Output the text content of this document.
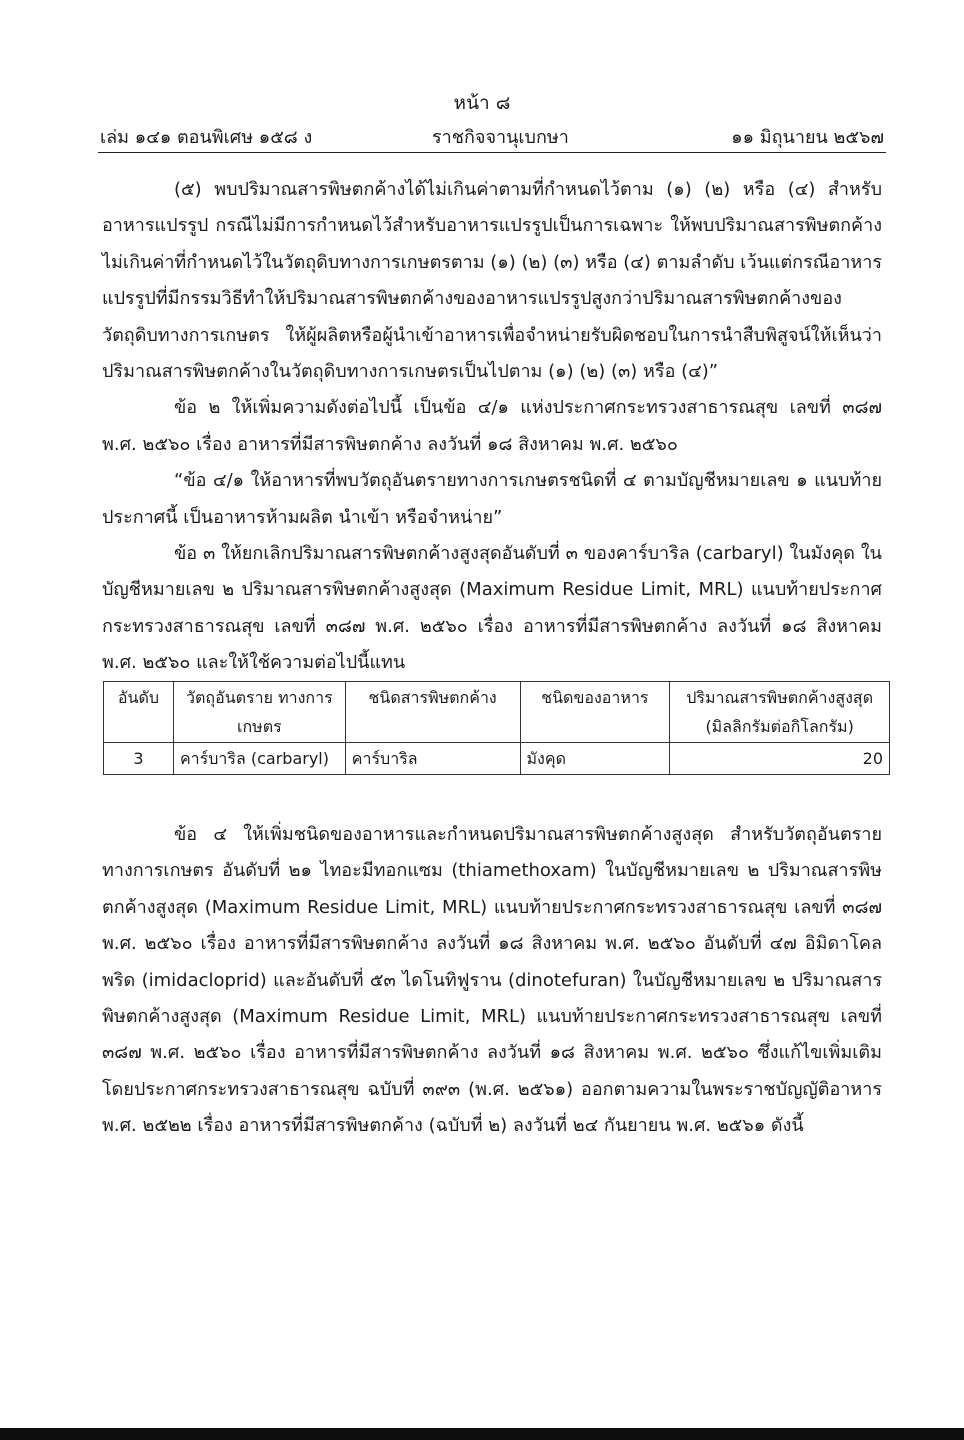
หน้า ๘
เล่ม ๑๔๑ ตอนพิเศษ ๑๕๘ ง	ราชกิจจานุเบกษา	๑๑ มิถุนายน ๒๕๖๗

(๕) พบปริมาณสารพิษตกค้างได้ไม่เกินค่าตามที่กำหนดไว้ตาม (๑) (๒) หรือ (๔) สำหรับอาหารแปรรูป กรณีไม่มีการกำหนดไว้สำหรับอาหารแปรรูปเป็นการเฉพาะ ให้พบปริมาณสารพิษตกค้างไม่เกินค่าที่กำหนดไว้ในวัตถุดิบทางการเกษตรตาม (๑) (๒) (๓) หรือ (๔) ตามลำดับ เว้นแต่กรณีอาหารแปรรูปที่มีกรรมวิธีทำให้ปริมาณสารพิษตกค้างของอาหารแปรรูปสูงกว่าปริมาณสารพิษตกค้างของวัตถุดิบทางการเกษตร ให้ผู้ผลิตหรือผู้นำเข้าอาหารเพื่อจำหน่ายรับผิดชอบในการนำสืบพิสูจน์ให้เห็นว่าปริมาณสารพิษตกค้างในวัตถุดิบทางการเกษตรเป็นไปตาม (๑) (๒) (๓) หรือ (๔)”

ข้อ ๒ ให้เพิ่มความดังต่อไปนี้ เป็นข้อ ๔/๑ แห่งประกาศกระทรวงสาธารณสุข เลขที่ ๓๘๗ พ.ศ. ๒๕๖๐ เรื่อง อาหารที่มีสารพิษตกค้าง ลงวันที่ ๑๘ สิงหาคม พ.ศ. ๒๕๖๐

“ข้อ ๔/๑ ให้อาหารที่พบวัตถุอันตรายทางการเกษตรชนิดที่ ๔ ตามบัญชีหมายเลข ๑ แนบท้ายประกาศนี้ เป็นอาหารห้ามผลิต นำเข้า หรือจำหน่าย”

ข้อ ๓ ให้ยกเลิกปริมาณสารพิษตกค้างสูงสุดอันดับที่ ๓ ของคาร์บาริล (carbaryl) ในมังคุด ในบัญชีหมายเลข ๒ ปริมาณสารพิษตกค้างสูงสุด (Maximum Residue Limit, MRL) แนบท้ายประกาศกระทรวงสาธารณสุข เลขที่ ๓๘๗ พ.ศ. ๒๕๖๐ เรื่อง อาหารที่มีสารพิษตกค้าง ลงวันที่ ๑๘ สิงหาคม พ.ศ. ๒๕๖๐ และให้ใช้ความต่อไปนี้แทน

อันดับ	วัตถุอันตราย ทางการเกษตร	ชนิดสารพิษตกค้าง	ชนิดของอาหาร	ปริมาณสารพิษตกค้างสูงสุด (มิลลิกรัมต่อกิโลกรัม)
3	คาร์บาริล (carbaryl)	คาร์บาริล	มังคุด	20

ข้อ ๔ ให้เพิ่มชนิดของอาหารและกำหนดปริมาณสารพิษตกค้างสูงสุด สำหรับวัตถุอันตรายทางการเกษตร อันดับที่ ๒๑ ไทอะมีทอกแซม (thiamethoxam) ในบัญชีหมายเลข ๒ ปริมาณสารพิษตกค้างสูงสุด (Maximum Residue Limit, MRL) แนบท้ายประกาศกระทรวงสาธารณสุข เลขที่ ๓๘๗ พ.ศ. ๒๕๖๐ เรื่อง อาหารที่มีสารพิษตกค้าง ลงวันที่ ๑๘ สิงหาคม พ.ศ. ๒๕๖๐ อันดับที่ ๔๗ อิมิดาโคลพริด (imidacloprid) และอันดับที่ ๕๓ ไดโนทิฟูราน (dinotefuran) ในบัญชีหมายเลข ๒ ปริมาณสารพิษตกค้างสูงสุด (Maximum Residue Limit, MRL) แนบท้ายประกาศกระทรวงสาธารณสุข เลขที่ ๓๘๗ พ.ศ. ๒๕๖๐ เรื่อง อาหารที่มีสารพิษตกค้าง ลงวันที่ ๑๘ สิงหาคม พ.ศ. ๒๕๖๐ ซึ่งแก้ไขเพิ่มเติมโดยประกาศกระทรวงสาธารณสุข ฉบับที่ ๓๙๓ (พ.ศ. ๒๕๖๑) ออกตามความในพระราชบัญญัติอาหาร พ.ศ. ๒๕๒๒ เรื่อง อาหารที่มีสารพิษตกค้าง (ฉบับที่ ๒) ลงวันที่ ๒๔ กันยายน พ.ศ. ๒๕๖๑ ดังนี้
